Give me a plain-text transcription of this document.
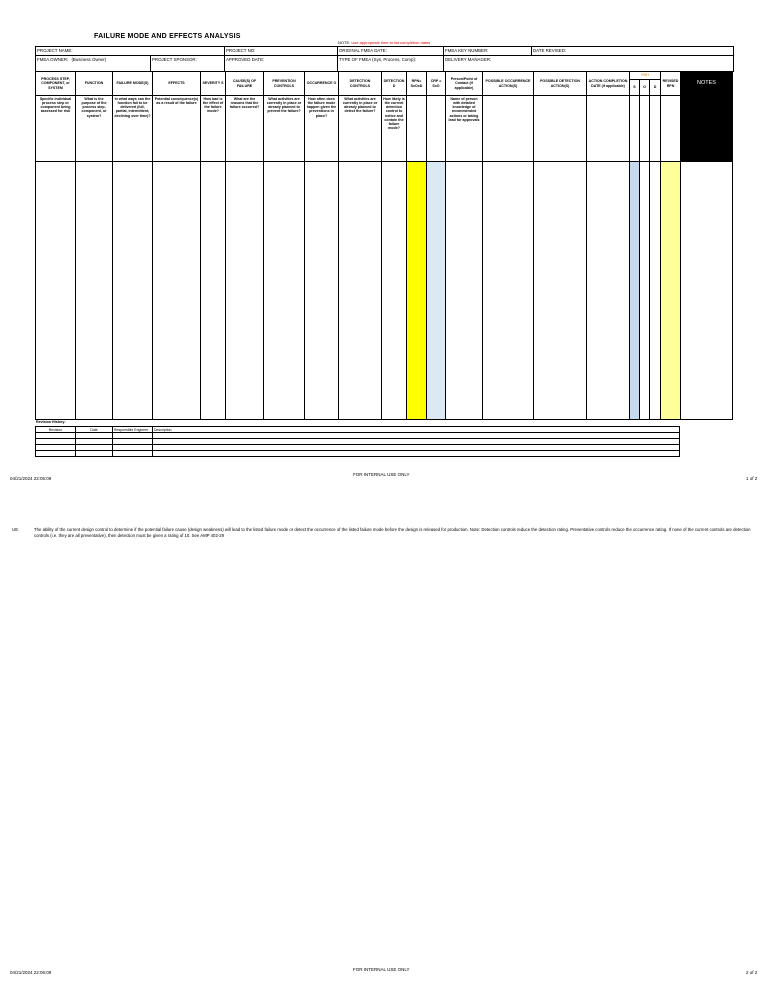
FAILURE MODE AND EFFECTS ANALYSIS
NOTE: Use appropriate time to list completion dates
PROJECT NAME:	PROJECT NO:	ORIGINAL FMEA DATE:	FMEA KEY NUMBER:	DATE REVISED:
FMEA OWNER: (Business Owner)	PROJECT SPONSOR:	APPROVED DATE:	TYPE OF FMEA (Sys, Process, Comp):	DELIVERY MANAGER:
PROCESS STEP, COMPONENT, or SYSTEM	FUNCTION	FAILURE MODE(S)	EFFECTS	SEVERITY S	CAUSE(S) OF FAILURE	PREVENTION CONTROLS	OCCURRENCE O	DETECTION CONTROLS	DETECTION D	RPN= SxOxD	CRP = SxO	Person/Point of Contact (if applicable)	POSSIBLE OCCURRENCE ACTION(S)	POSSIBLE DETECTION ACTION(S)	ACTION COMPLETION DATE (if applicable)	RSH			REVISED RPN	NOTES
																S	O	D		
Specific individual process step or component being assessed for risk	What is the purpose of the process step, component, or system?	In what ways can the function fail to be delivered (full, partial, intermittent, declining over time)?	Potential consequence(s) as a result of the failure	How bad is the effect of the failure mode?	What are the reasons that the failure occurred?	What activities are currently in place or already planned to prevent the failure?	How often does the failure mode happen given the preventions in place?	What activities are currently in place or already planned to detect the failure?	How likely is the current detection control to notice and contain the failure mode?			Name of person with detailed knowledge of recommended actions or taking lead for approvals								

Revision History:
Revision	Date	Responsible Engineer	Description

04/21/2024 22:06:09
FOR INTERNAL USE ONLY
1 of 2
U8:	The ability of the current design control to determine if the potential failure cause (design weakness) will lead to the listed failure mode or detect the occurrence of the listed failure mode before the design is released for production. Note: Detection controls reduce the detection rating. Preventative controls reduce the occurrence rating. If none of the current controls are detection controls (i.e. they are all preventative), then detection must be given a rating of 10. See AMP 402-29
04/21/2024 22:06:09
FOR INTERNAL USE ONLY
2 of 2
